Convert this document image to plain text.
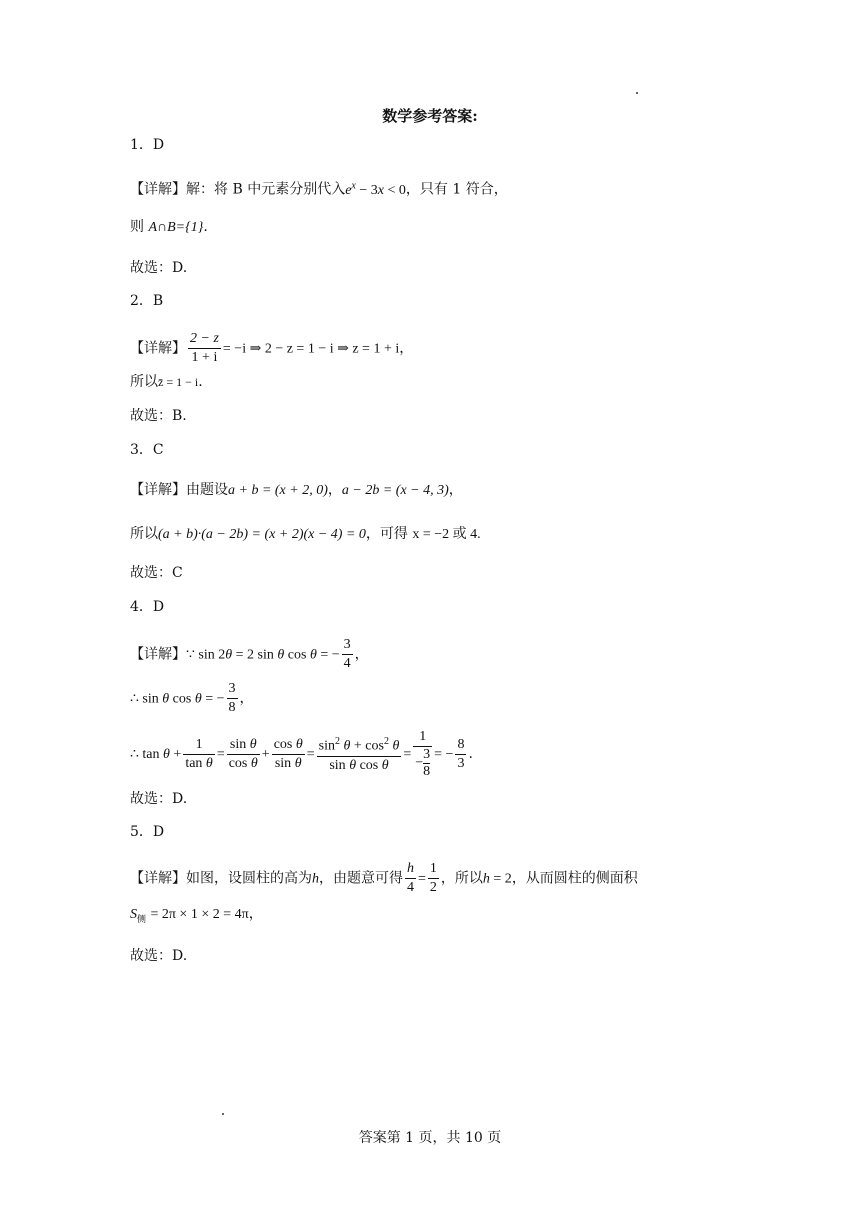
数学参考答案:
1．D
【详解】解：将 B 中元素分别代入$e^x - 3x < 0$，只有 1 符合，
则 A∩B={1}.
故选：D.
2．B
【详解】 $\frac{2 - z}{1 + i} = -i$ ⇒ 2 − z = 1 − i ⇒ z = 1 + i，
所以z̄ = 1 − i.
故选：B.
3．C
【详解】由题设a + b = (x + 2, 0)，a − 2b = (x − 4, 3)，
所以(a + b)·(a − 2b) = (x + 2)(x − 4) = 0，可得 x = −2 或 4.
故选：C
4．D
【详解】∵ sin 2θ = 2 sin θ cos θ = − $\frac{3}{4}$ ，
∴ sin θ cos θ = − $\frac{3}{8}$ ，
∴ $\tan \theta + \frac{1}{\text{tan θ}} = \frac{\text{sin θ}}{\text{cos θ}} + \frac{\text{cos θ}}{\text{sin θ}} = \frac{\sin^2 \theta + \cos^2 \theta}{\text{sin θ cos θ}} = \frac{1}{- \frac{3}{8}}$ = − $\frac{8}{3}$ .
故选：D.
5．D
【详解】如图，设圆柱的高为h，由题意可得 $\frac{h}{4} = \frac{1}{2}$ ，所以h = 2，从而圆柱的侧面积
$S_侧 = 2\pi \times 1 \times 2 = 4\pi$，
故选：D.
答案第 1 页，共 10 页
